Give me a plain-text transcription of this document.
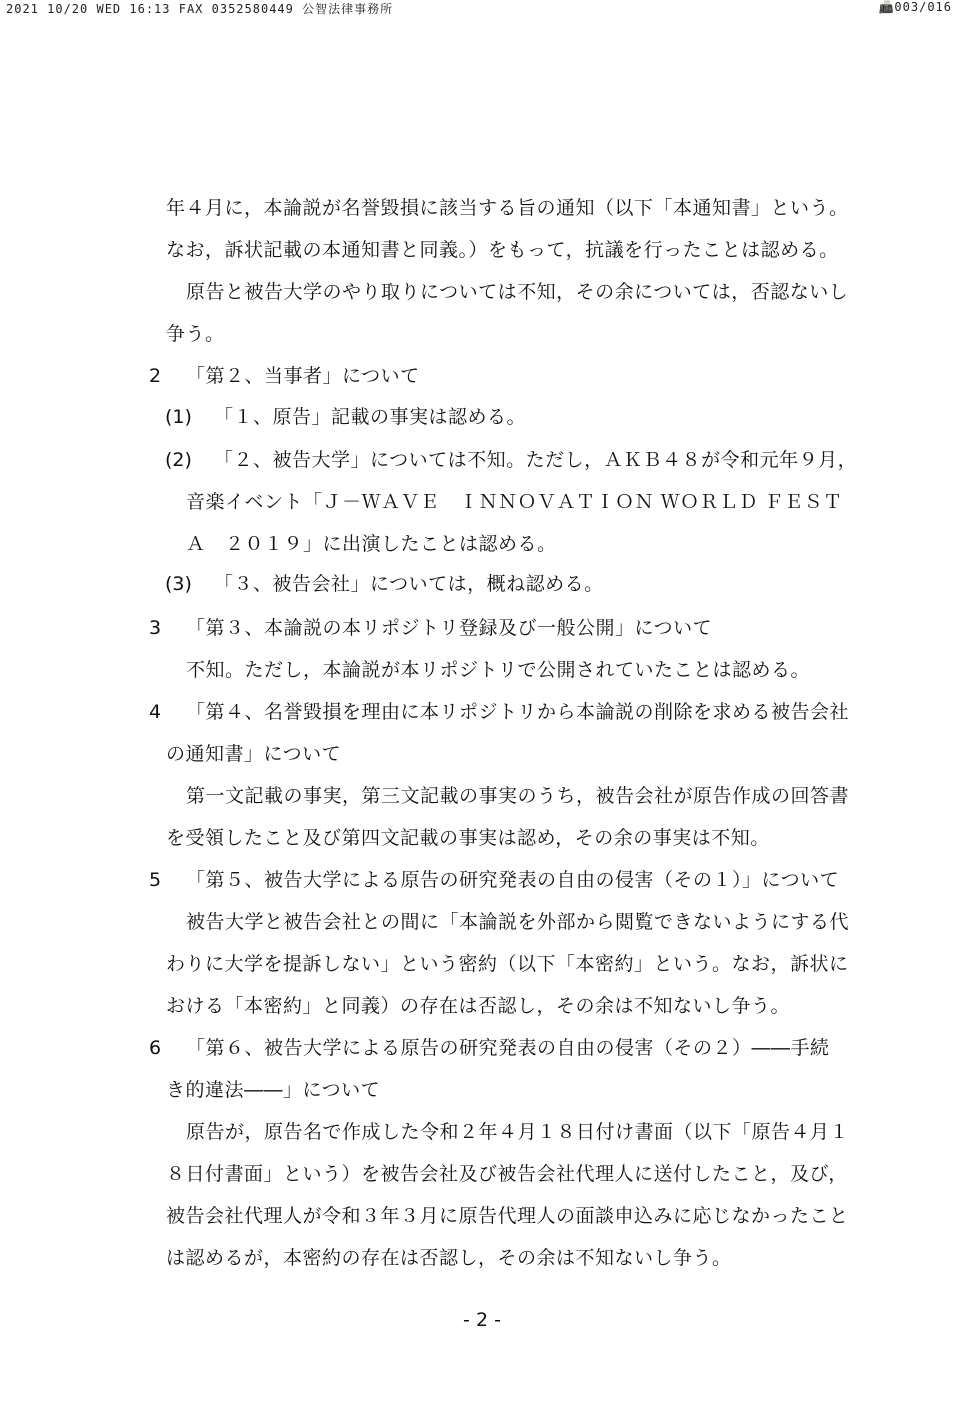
2021 10/20 WED 16:13 FAX 0352580449 公智法律事務所	📠003/016
2
(1)
(2)
(3)
3
4
5
6
年４月に，本論説が名誉毀損に該当する旨の通知（以下「本通知書」という。
なお，訴状記載の本通知書と同義。）をもって，抗議を行ったことは認める。
原告と被告大学のやり取りについては不知，その余については，否認ないし
争う。
「第２、当事者」について
「１、原告」記載の事実は認める。
「２、被告大学」については不知。ただし，ＡＫＢ４８が令和元年９月，
音楽イベント「Ｊ－ＷＡＶＥ　ＩＮＮＯＶＡＴＩＯＮ ＷＯＲＬＤ ＦＥＳＴ
Ａ　２０１９」に出演したことは認める。
「３、被告会社」については，概ね認める。
「第３、本論説の本リポジトリ登録及び一般公開」について
不知。ただし，本論説が本リポジトリで公開されていたことは認める。
「第４、名誉毀損を理由に本リポジトリから本論説の削除を求める被告会社
の通知書」について
第一文記載の事実，第三文記載の事実のうち，被告会社が原告作成の回答書
を受領したこと及び第四文記載の事実は認め，その余の事実は不知。
「第５、被告大学による原告の研究発表の自由の侵害（その１）」について
被告大学と被告会社との間に「本論説を外部から閲覧できないようにする代
わりに大学を提訴しない」という密約（以下「本密約」という。なお，訴状に
おける「本密約」と同義）の存在は否認し，その余は不知ないし争う。
「第６、被告大学による原告の研究発表の自由の侵害（その２）――手続
き的違法――」について
原告が，原告名で作成した令和２年４月１８日付け書面（以下「原告４月１
８日付書面」という）を被告会社及び被告会社代理人に送付したこと，及び，
被告会社代理人が令和３年３月に原告代理人の面談申込みに応じなかったこと
は認めるが，本密約の存在は否認し，その余は不知ないし争う。
- 2 -
